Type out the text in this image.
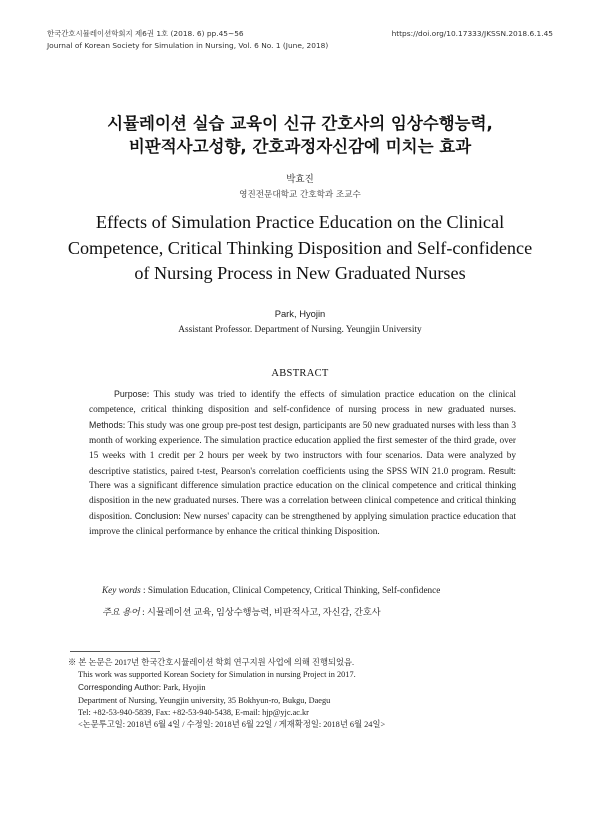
한국간호시뮬레이션학회지 제6권 1호 (2018. 6) pp.45~56	https://doi.org/10.17333/JKSSN.2018.6.1.45
Journal of Korean Society for Simulation in Nursing, Vol. 6 No. 1 (June, 2018)
시뮬레이션 실습 교육이 신규 간호사의 임상수행능력,
비판적사고성향, 간호과정자신감에 미치는 효과
박효진
영진전문대학교 간호학과 조교수
Effects of Simulation Practice Education on the Clinical
Competence, Critical Thinking Disposition and Self-confidence
of Nursing Process in New Graduated Nurses
Park, Hyojin
Assistant Professor. Department of Nursing. Yeungjin University
ABSTRACT
Purpose: This study was tried to identify the effects of simulation practice education on the clinical competence, critical thinking disposition and self-confidence of nursing process in new graduated nurses. Methods: This study was one group pre-post test design, participants are 50 new graduated nurses with less than 3 month of working experience. The simulation practice education applied the first semester of the third grade, over 15 weeks with 1 credit per 2 hours per week by two instructors with four scenarios. Data were analyzed by descriptive statistics, paired t-test, Pearson's correlation coefficients using the SPSS WIN 21.0 program. Result: There was a significant difference simulation practice education on the clinical competence and critical thinking disposition in the new graduated nurses. There was a correlation between clinical competence and critical thinking disposition. Conclusion: New nurses' capacity can be strengthened by applying simulation practice education that improve the clinical performance by enhance the critical thinking Disposition.
Key words : Simulation Education, Clinical Competency, Critical Thinking, Self-confidence
주요 용어 : 시뮬레이션 교육, 임상수행능력, 비판적사고, 자신감, 간호사
※ 본 논문은 2017년 한국간호시뮬레이션 학회 연구지원 사업에 의해 진행되었음.
This work was supported Korean Society for Simulation in nursing Project in 2017.
Corresponding Author: Park, Hyojin
Department of Nursing, Yeungjin university, 35 Bokhyun-ro, Bukgu, Daegu
Tel: +82-53-940-5839, Fax: +82-53-940-5438, E-mail: hjp@yjc.ac.kr
<논문투고일: 2018년 6월 4일 / 수정일: 2018년 6월 22일 / 게재확정일: 2018년 6월 24일>
